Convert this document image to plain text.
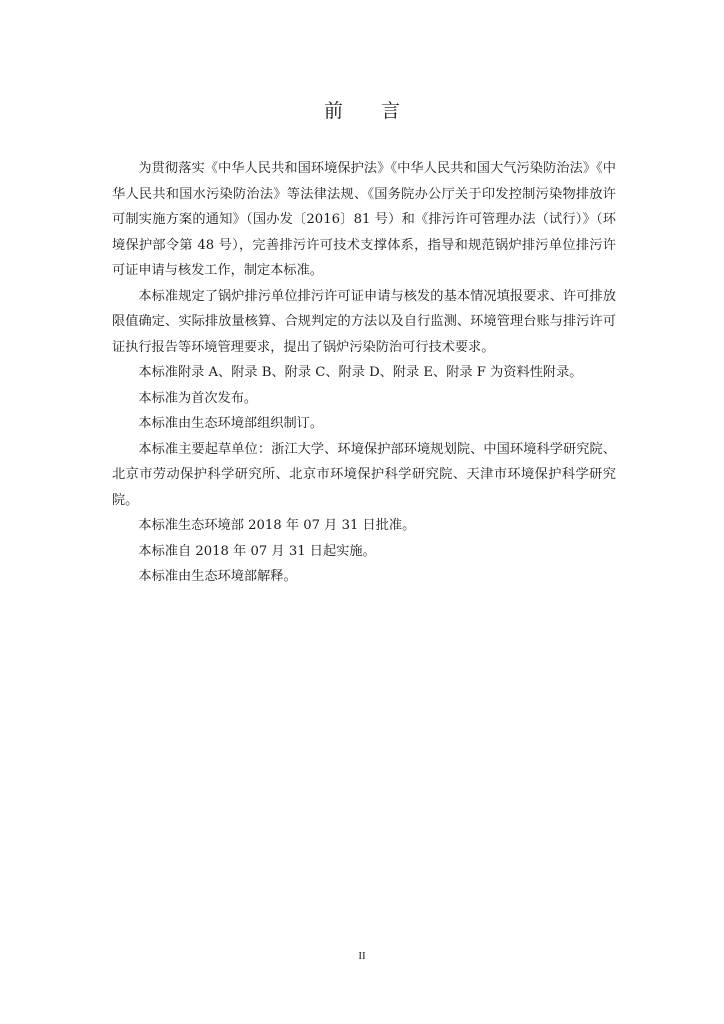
前 言

为贯彻落实《中华人民共和国环境保护法》《中华人民共和国大气污染防治法》《中华人民共和国水污染防治法》等法律法规、《国务院办公厅关于印发控制污染物排放许可制实施方案的通知》（国办发〔2016〕81 号）和《排污许可管理办法（试行）》（环境保护部令第 48 号），完善排污许可技术支撑体系，指导和规范锅炉排污单位排污许可证申请与核发工作，制定本标准。

本标准规定了锅炉排污单位排污许可证申请与核发的基本情况填报要求、许可排放限值确定、实际排放量核算、合规判定的方法以及自行监测、环境管理台账与排污许可证执行报告等环境管理要求，提出了锅炉污染防治可行技术要求。

本标准附录 A、附录 B、附录 C、附录 D、附录 E、附录 F 为资料性附录。

本标准为首次发布。

本标准由生态环境部组织制订。

本标准主要起草单位：浙江大学、环境保护部环境规划院、中国环境科学研究院、北京市劳动保护科学研究所、北京市环境保护科学研究院、天津市环境保护科学研究院。

本标准生态环境部 2018 年 07 月 31 日批准。

本标准自 2018 年 07 月 31 日起实施。

本标准由生态环境部解释。

II
